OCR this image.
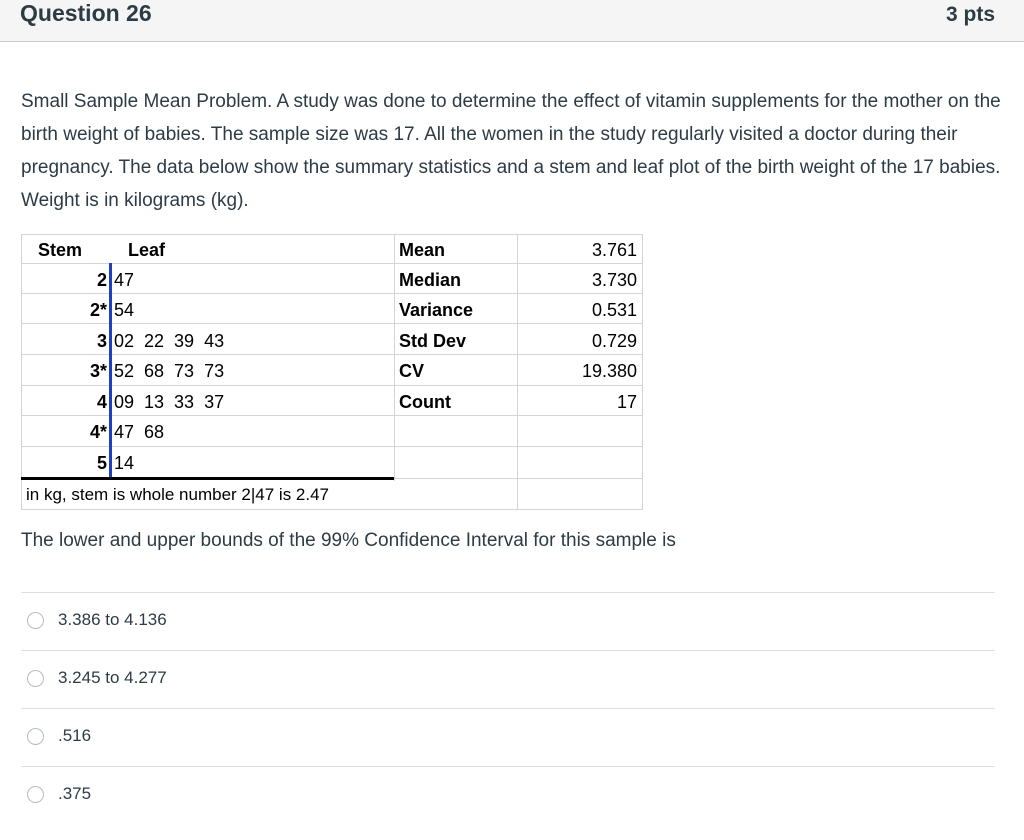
Question 26	3 pts

Small Sample Mean Problem. A study was done to determine the effect of vitamin supplements for the mother on the birth weight of babies. The sample size was 17. All the women in the study regularly visited a doctor during their pregnancy. The data below show the summary statistics and a stem and leaf plot of the birth weight of the 17 babies. Weight is in kilograms (kg).

Stem	Leaf
2
2*
3
3*
4
4*
5
47
54
02  22  39  43
52  68  73  73
09  13  33  37
47  68
14
in kg, stem is whole number 2|47 is 2.47
Mean
Median
Variance
Std Dev
CV
Count
3.761
3.730
0.531
0.729
19.380
17
The lower and upper bounds of the 99% Confidence Interval for this sample is
3.386 to 4.136
3.245 to 4.277
.516
.375
